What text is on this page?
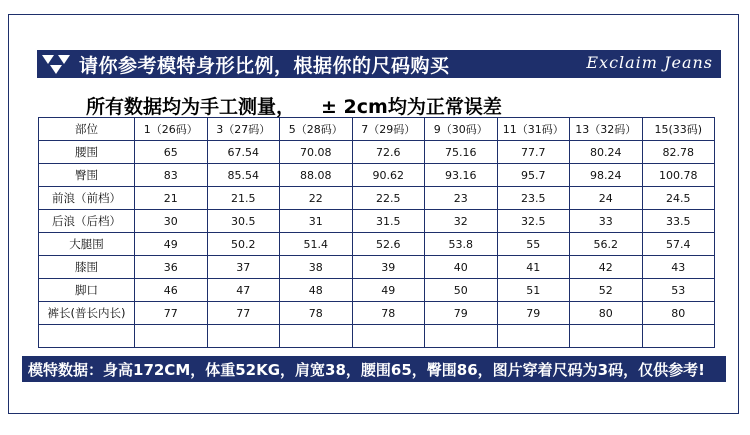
请你参考模特身形比例，根据你的尺码购买	Exclaim Jeans
所有数据均为手工测量， ± 2cm均为正常误差
部位	1（26码）	3（27码）	5（28码）	7（29码）	9（30码）	11（31码）	13（32码）	15(33码)
腰围	65	67.54	70.08	72.6	75.16	77.7	80.24	82.78
臀围	83	85.54	88.08	90.62	93.16	95.7	98.24	100.78
前浪（前档）	21	21.5	22	22.5	23	23.5	24	24.5
后浪（后档）	30	30.5	31	31.5	32	32.5	33	33.5
大腿围	49	50.2	51.4	52.6	53.8	55	56.2	57.4
膝围	36	37	38	39	40	41	42	43
脚口	46	47	48	49	50	51	52	53
裤长(普长内长)	77	77	78	78	79	79	80	80

模特数据：身高172CM，体重52KG，肩宽38，腰围65，臀围86，图片穿着尺码为3码，仅供参考!
